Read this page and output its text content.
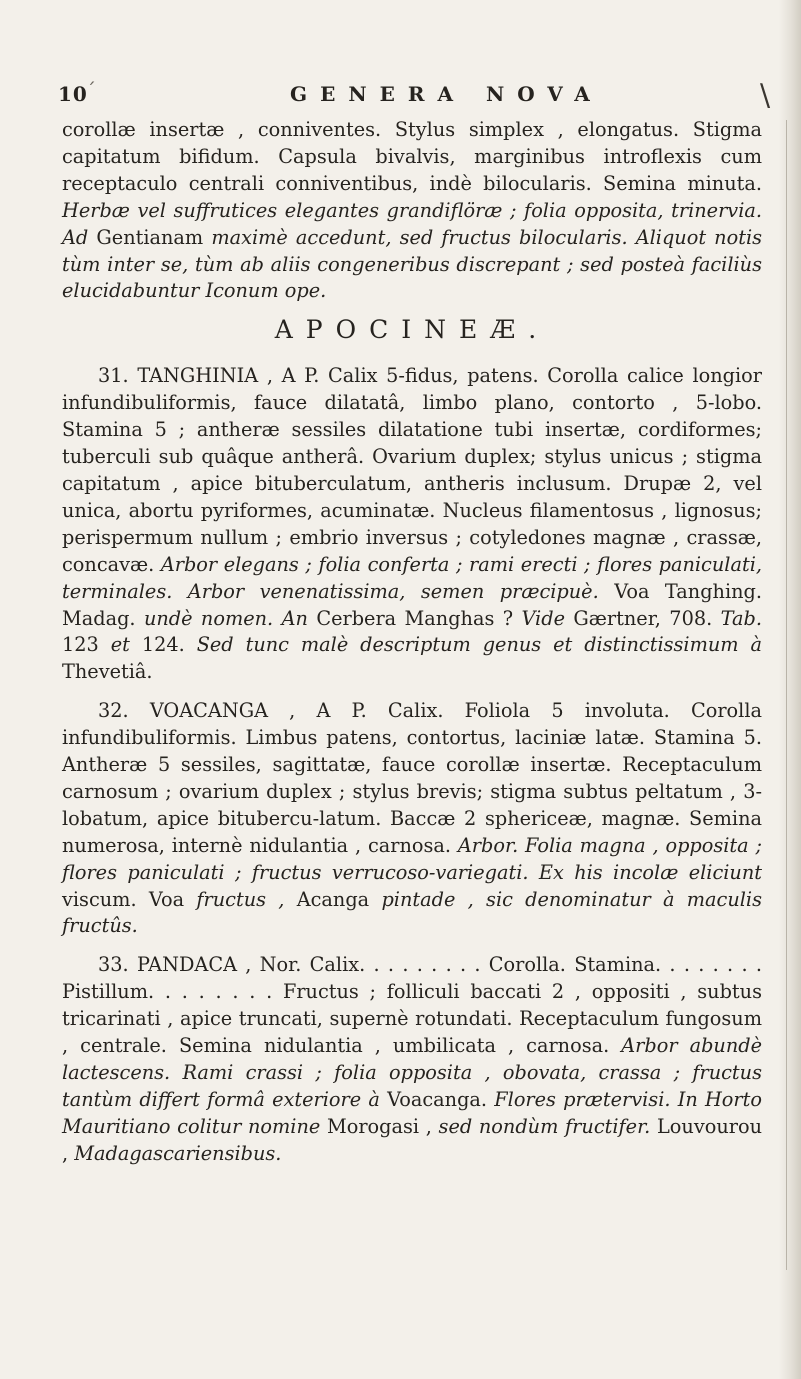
10
´	GENERA NOVA	\

corollæ insertæ , conniventes. Stylus simplex , elongatus. Stigma capitatum bifidum. Capsula bivalvis, marginibus introflexis cum receptaculo centrali conniventibus, indè bilocularis. Semina minuta. Herbæ vel suffrutices elegantes grandiflöræ ; folia opposita, trinervia. Ad Gentianam maximè accedunt, sed fructus bilocularis. Aliquot notis tùm inter se, tùm ab aliis congeneribus discrepant ; sed posteà faciliùs elucidabuntur Iconum ope.

APOCINEÆ.

31. TANGHINIA , A P. Calix 5-fidus, patens. Corolla calice longior infundibuliformis, fauce dilatatâ, limbo plano, contorto , 5-lobo. Stamina 5 ; antheræ sessiles dilatatione tubi insertæ, cordiformes; tuberculi sub quâque antherâ. Ovarium duplex; stylus unicus ; stigma capitatum , apice bituberculatum, antheris inclusum. Drupæ 2, vel unica, abortu pyriformes, acuminatæ. Nucleus filamentosus , lignosus; perispermum nullum ; embrio inversus ; cotyledones magnæ , crassæ, concavæ. Arbor elegans ; folia conferta ; rami erecti ; flores paniculati, terminales. Arbor venenatissima, semen præcipuè. Voa Tanghing. Madag. undè nomen. An Cerbera Manghas ? Vide Gærtner, 708. Tab. 123 et 124. Sed tunc malè descriptum genus et distinctissimum à Thevetiâ.

32. VOACANGA , A P. Calix. Foliola 5 involuta. Corolla infundibuliformis. Limbus patens, contortus, laciniæ latæ. Stamina 5. Antheræ 5 sessiles, sagittatæ, fauce corollæ insertæ. Receptaculum carnosum ; ovarium duplex ; stylus brevis; stigma subtus peltatum , 3-lobatum, apice bitubercu-latum. Baccæ 2 sphericeæ, magnæ. Semina numerosa, internè nidulantia , carnosa. Arbor. Folia magna , opposita ; flores paniculati ; fructus verrucoso-variegati. Ex his incolæ eliciunt viscum. Voa fructus , Acanga pintade , sic denominatur à maculis fructûs.

33. PANDACA , Nor. Calix. . . . . . . . . Corolla. Stamina. . . . . . . . Pistillum. . . . . . . . Fructus ; folliculi baccati 2 , oppositi , subtus tricarinati , apice truncati, supernè rotundati. Receptaculum fungosum , centrale. Semina nidulantia , umbilicata , carnosa. Arbor abundè lactescens. Rami crassi ; folia opposita , obovata, crassa ; fructus tantùm differt formâ exteriore à Voacanga. Flores prætervisi. In Horto Mauritiano colitur nomine Morogasi , sed nondùm fructifer. Louvourou , Madagascariensibus.
